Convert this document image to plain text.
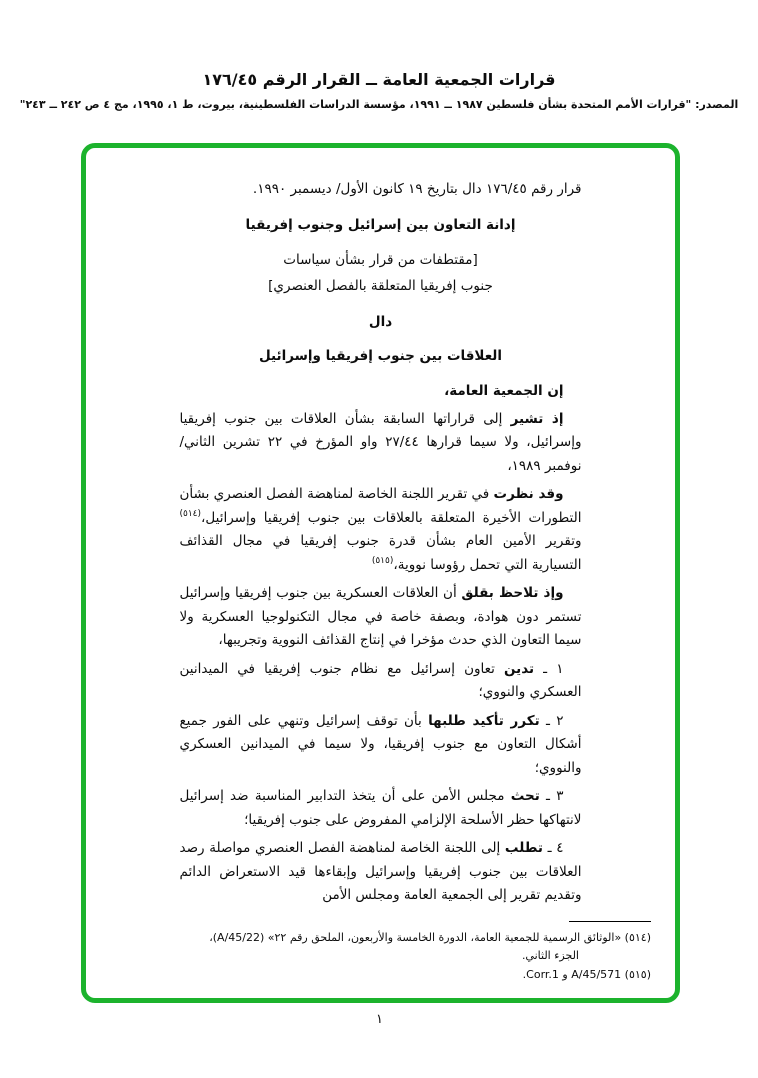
قرارات الجمعية العامة ــ القرار الرقم ١٧٦/٤٥
المصدر: "قرارات الأمم المتحدة بشأن فلسطين ١٩٨٧ ــ ١٩٩١، مؤسسة الدراسات الفلسطينية، بيروت، ط ١، ١٩٩٥، مج ٤ ص ٢٤٢ ــ ٢٤٣"

قرار رقم ١٧٦/٤٥ دال بتاريخ ١٩ كانون الأول/ ديسمبر ١٩٩٠.

إدانة التعاون بين إسرائيل وجنوب إفريقيا

[مقتطفات من قرار بشأن سياسات

جنوب إفريقيا المتعلقة بالفصل العنصري]

دال

العلاقات بين جنوب إفريقيا وإسرائيل

إن الجمعية العامة،

إذ تشير إلى قراراتها السابقة بشأن العلاقات بين جنوب إفريقيا وإسرائيل، ولا سيما قرارها ٢٧/٤٤ واو المؤرخ في ٢٢ تشرين الثاني/ نوفمبر ١٩٨٩،

وقد نظرت في تقرير اللجنة الخاصة لمناهضة الفصل العنصري بشأن التطورات الأخيرة المتعلقة بالعلاقات بين جنوب إفريقيا وإسرائيل،$^{(٥١٤)}$ وتقرير الأمين العام بشأن قدرة جنوب إفريقيا في مجال القذائف التسيارية التي تحمل رؤوسا نووية،$^{(٥١٥)}$

وإذ تلاحظ بقلق أن العلاقات العسكرية بين جنوب إفريقيا وإسرائيل تستمر دون هوادة، وبصفة خاصة في مجال التكنولوجيا العسكرية ولا سيما التعاون الذي حدث مؤخرا في إنتاج القذائف النووية وتجريبها،

١ ـ تدين تعاون إسرائيل مع نظام جنوب إفريقيا في الميدانين العسكري والنووي؛

٢ ـ تكرر تأكيد طلبها بأن توقف إسرائيل وتنهي على الفور جميع أشكال التعاون مع جنوب إفريقيا، ولا سيما في الميدانين العسكري والنووي؛

٣ ـ تحث مجلس الأمن على أن يتخذ التدابير المناسبة ضد إسرائيل لانتهاكها حظر الأسلحة الإلزامي المفروض على جنوب إفريقيا؛

٤ ـ تطلب إلى اللجنة الخاصة لمناهضة الفصل العنصري مواصلة رصد العلاقات بين جنوب إفريقيا وإسرائيل وإبقاءها قيد الاستعراض الدائم وتقديم تقرير إلى الجمعية العامة ومجلس الأمن

(٥١٤) «الوثائق الرسمية للجمعية العامة، الدورة الخامسة والأربعون، الملحق رقم ٢٢» (A/45/22)، الجزء الثاني.

(٥١٥) A/45/571 و Corr.1.

١
